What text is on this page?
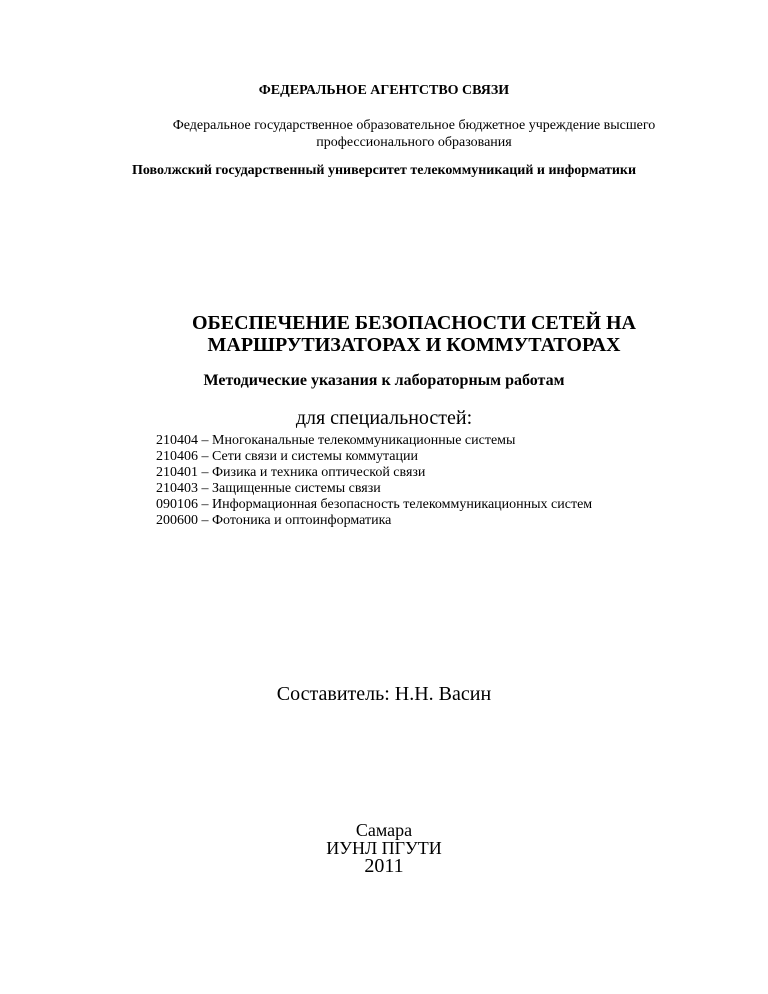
ФЕДЕРАЛЬНОЕ АГЕНТСТВО СВЯЗИ
Федеральное государственное образовательное бюджетное учреждение высшего профессионального образования
Поволжский государственный университет телекоммуникаций и информатики
ОБЕСПЕЧЕНИЕ БЕЗОПАСНОСТИ СЕТЕЙ НА МАРШРУТИЗАТОРАХ И КОММУТАТОРАХ
Методические указания к лабораторным работам
для специальностей:
210404 – Многоканальные телекоммуникационные системы
210406 – Сети связи и системы коммутации
210401 – Физика и техника оптической связи
210403 – Защищенные системы связи
090106 – Информационная безопасность телекоммуникационных систем
200600 – Фотоника и оптоинформатика
Составитель: Н.Н. Васин
Самара
ИУНЛ ПГУТИ
2011
